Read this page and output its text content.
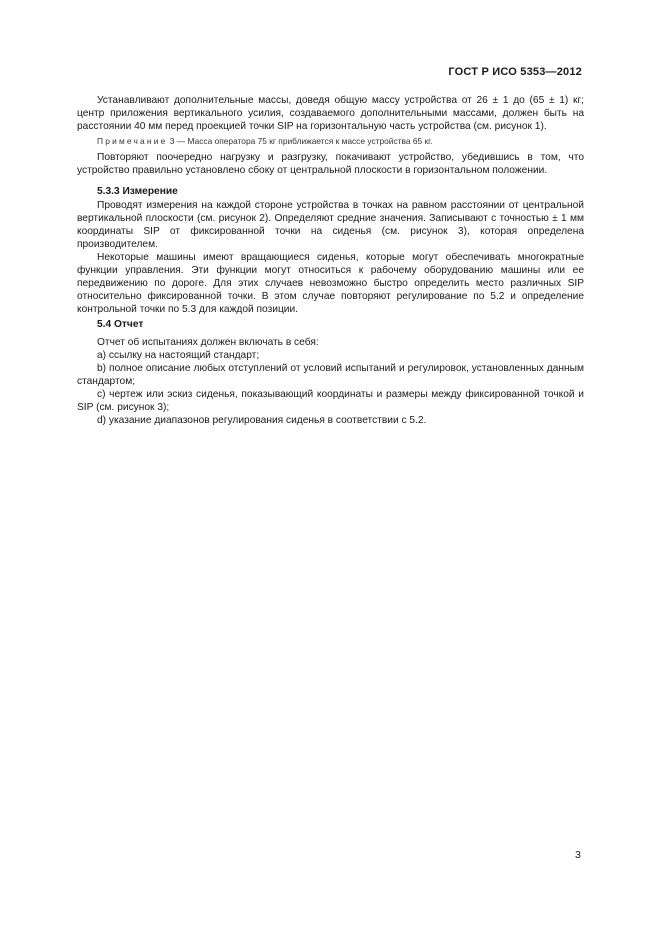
ГОСТ Р ИСО 5353—2012

Устанавливают дополнительные массы, доведя общую массу устройства от 26 ± 1 до (65 ± 1) кг; центр приложения вертикального усилия, создаваемого дополнительными массами, должен быть на расстоянии 40 мм перед проекцией точки SIP на горизонтальную часть устройства (см. рисунок 1).

Примечание 3 — Масса оператора 75 кг приближается к массе устройства 65 кг.

Повторяют поочередно нагрузку и разгрузку, покачивают устройство, убедившись в том, что устройство правильно установлено сбоку от центральной плоскости в горизонтальном положении.

5.3.3 Измерение

Проводят измерения на каждой стороне устройства в точках на равном расстоянии от центральной вертикальной плоскости (см. рисунок 2). Определяют средние значения. Записывают с точностью ± 1 мм координаты SIP от фиксированной точки на сиденья (см. рисунок 3), которая определена производителем.

Некоторые машины имеют вращающиеся сиденья, которые могут обеспечивать многократные функции управления. Эти функции могут относиться к рабочему оборудованию машины или ее передвижению по дороге. Для этих случаев невозможно быстро определить место различных SIP относительно фиксированной точки. В этом случае повторяют регулирование по 5.2 и определение контрольной точки по 5.3 для каждой позиции.

5.4 Отчет

Отчет об испытаниях должен включать в себя:

a) ссылку на настоящий стандарт;

b) полное описание любых отступлений от условий испытаний и регулировок, установленных данным стандартом;

c) чертеж или эскиз сиденья, показывающий координаты и размеры между фиксированной точкой и SIP (см. рисунок 3);

d) указание диапазонов регулирования сиденья в соответствии с 5.2.

3
